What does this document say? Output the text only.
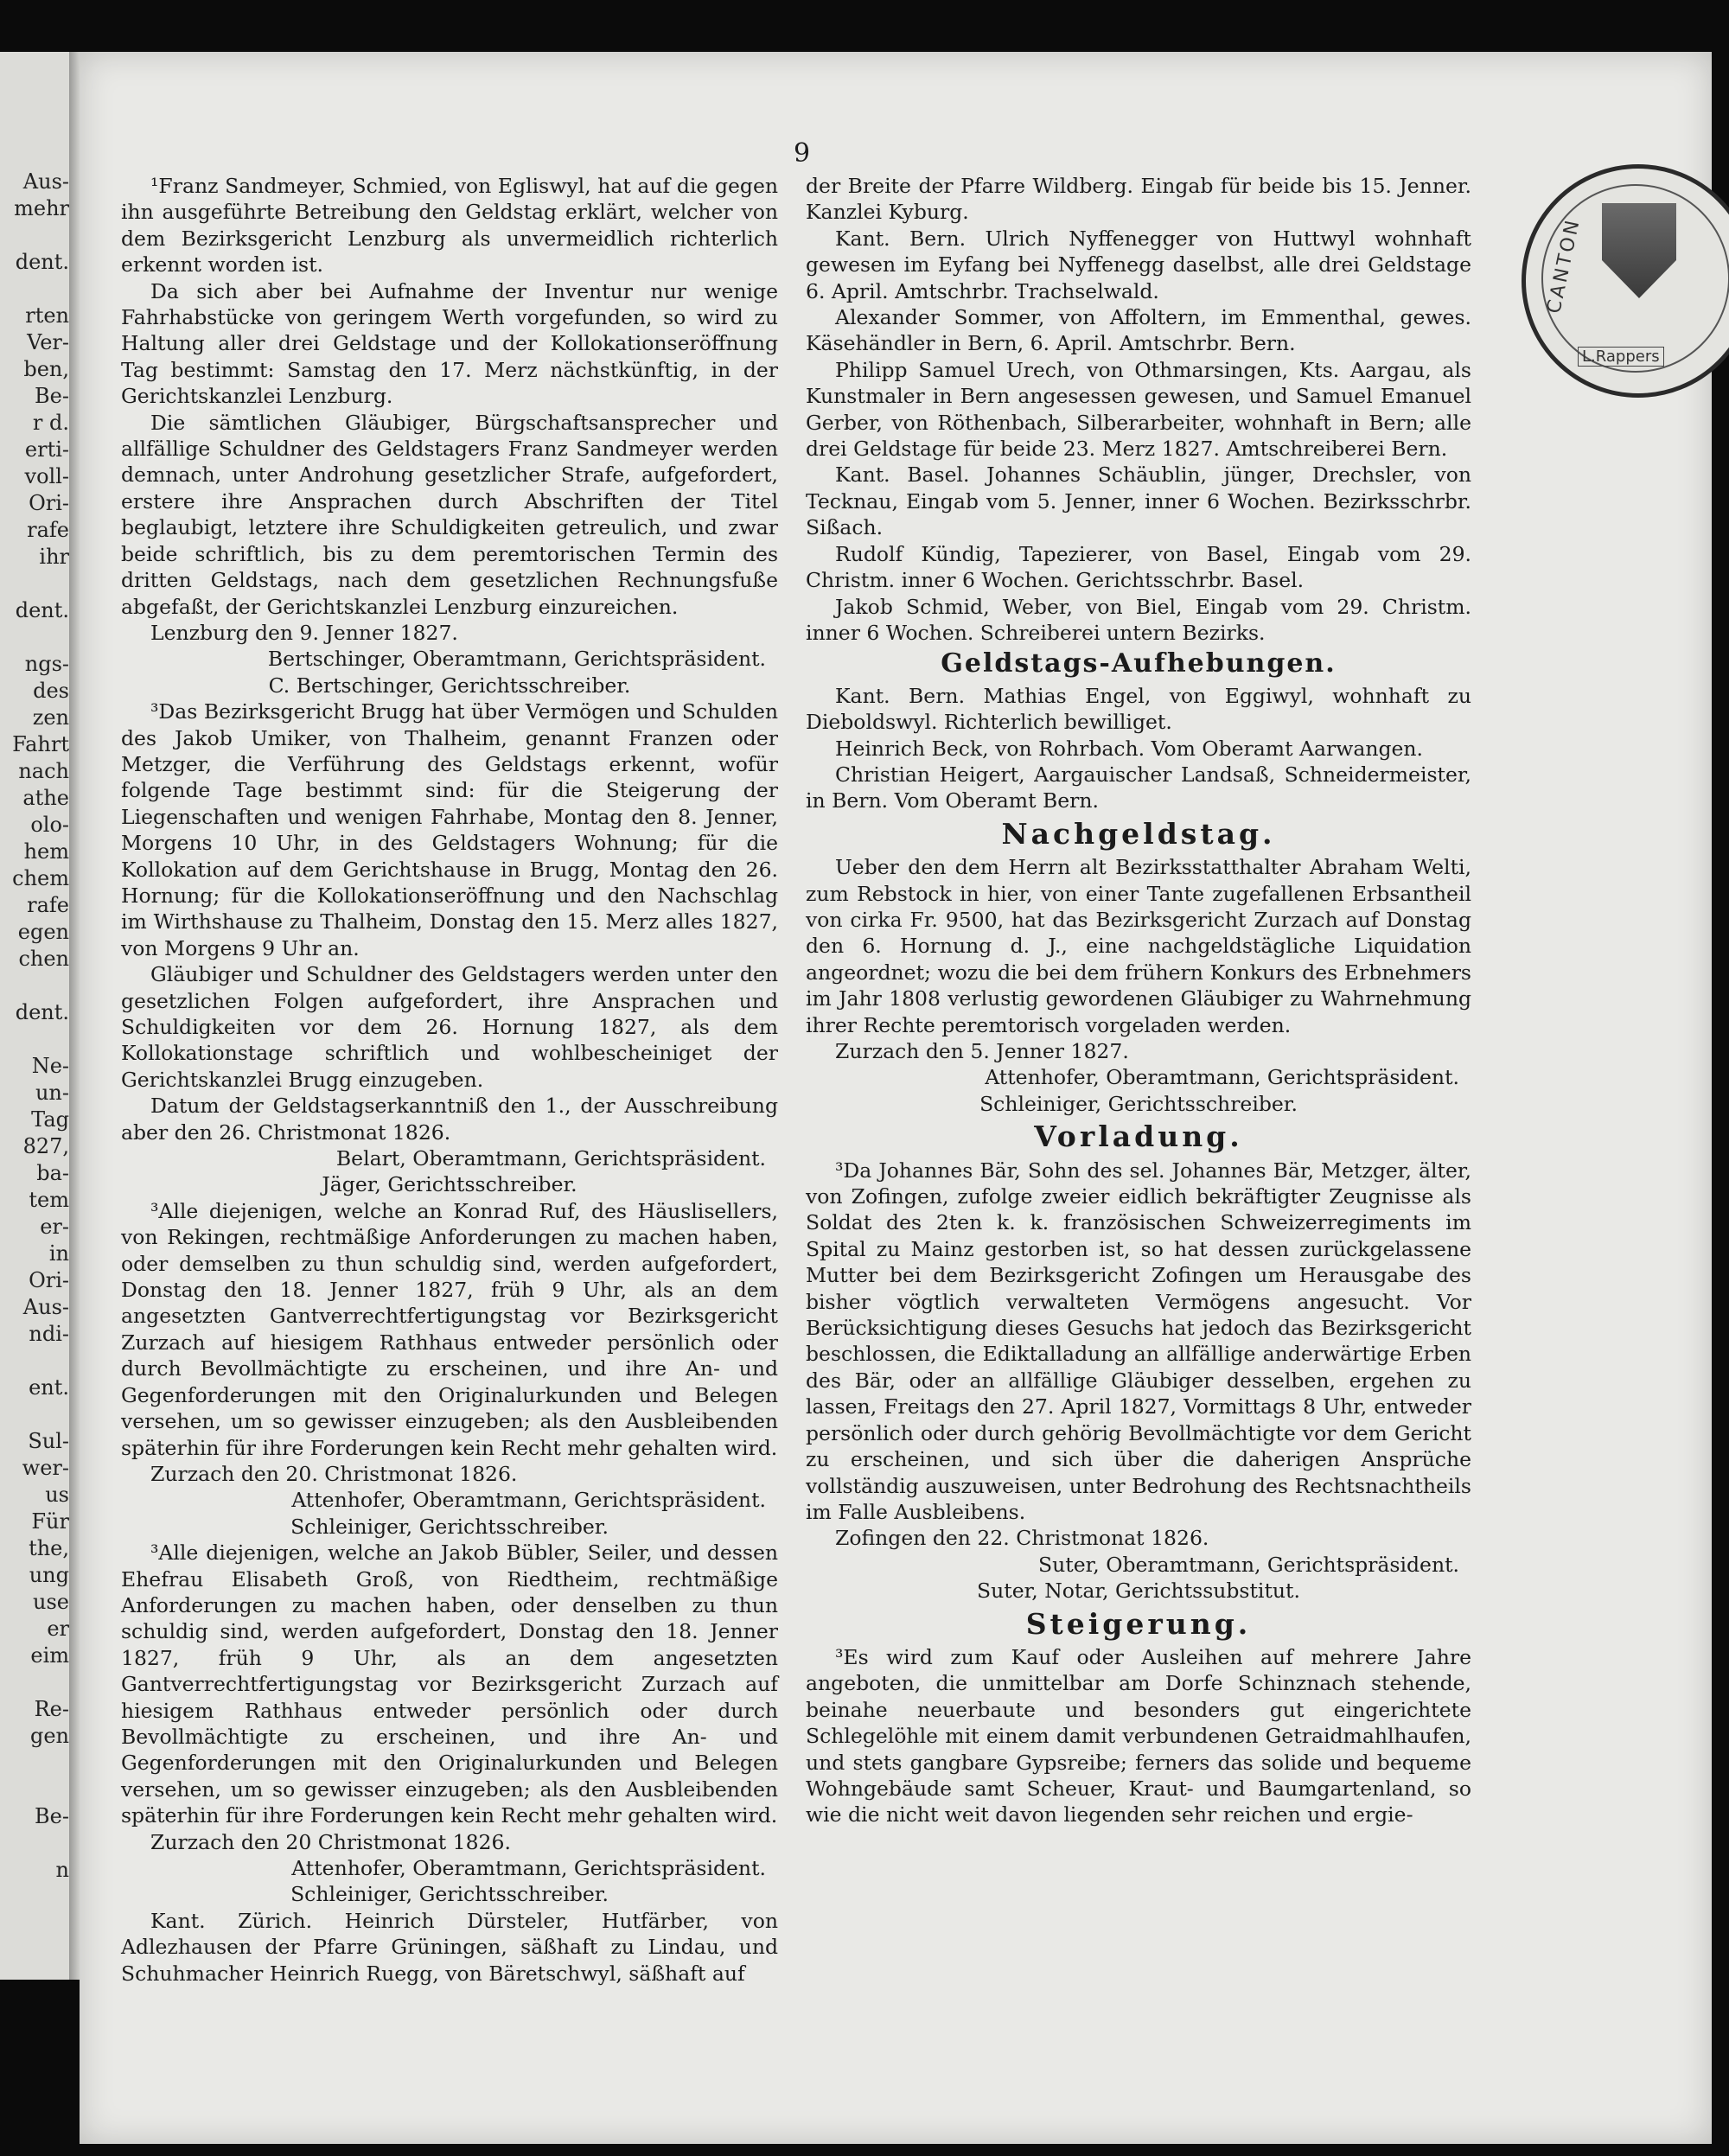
Aus-
mehr
dent.
rten
Ver-
ben,
Be-
r d.
erti-
voll-
Ori-
rafe
ihr
dent.
ngs-
des
zen
Fahrt
nach
athe
olo-
hem
chem
rafe
egen
chen
dent.
Ne-
un-
Tag
827,
ba-
tem
er-
in
Ori-
Aus-
ndi-
ent.
Sul-
wer-
us
Für
the,
ung
use
er
eim
Re-
gen
Be-
n
9
CANTON
L.Rappers

¹Franz Sandmeyer, Schmied, von Egliswyl, hat auf die gegen ihn ausgeführte Betreibung den Geldstag erklärt, welcher von dem Bezirksgericht Lenzburg als unvermeidlich richterlich erkennt worden ist.

Da sich aber bei Aufnahme der Inventur nur wenige Fahrhabstücke von geringem Werth vorgefunden, so wird zu Haltung aller drei Geldstage und der Kollokationseröffnung Tag bestimmt: Samstag den 17. Merz nächstkünftig, in der Gerichtskanzlei Lenzburg.

Die sämtlichen Gläubiger, Bürgschaftsansprecher und allfällige Schuldner des Geldstagers Franz Sandmeyer werden demnach, unter Androhung gesetzlicher Strafe, aufgefordert, erstere ihre Ansprachen durch Abschriften der Titel beglaubigt, letztere ihre Schuldigkeiten getreulich, und zwar beide schriftlich, bis zu dem peremtorischen Termin des dritten Geldstags, nach dem gesetzlichen Rechnungsfuße abgefaßt, der Gerichtskanzlei Lenzburg einzureichen.

Lenzburg den 9. Jenner 1827.

Bertschinger, Oberamtmann, Gerichtspräsident.

C. Bertschinger, Gerichtsschreiber.

³Das Bezirksgericht Brugg hat über Vermögen und Schulden des Jakob Umiker, von Thalheim, genannt Franzen oder Metzger, die Verführung des Geldstags erkennt, wofür folgende Tage bestimmt sind: für die Steigerung der Liegenschaften und wenigen Fahrhabe, Montag den 8. Jenner, Morgens 10 Uhr, in des Geldstagers Wohnung; für die Kollokation auf dem Gerichtshause in Brugg, Montag den 26. Hornung; für die Kollokationseröffnung und den Nachschlag im Wirthshause zu Thalheim, Donstag den 15. Merz alles 1827, von Morgens 9 Uhr an.

Gläubiger und Schuldner des Geldstagers werden unter den gesetzlichen Folgen aufgefordert, ihre Ansprachen und Schuldigkeiten vor dem 26. Hornung 1827, als dem Kollokationstage schriftlich und wohlbescheiniget der Gerichtskanzlei Brugg einzugeben.

Datum der Geldstagserkanntniß den 1., der Ausschreibung aber den 26. Christmonat 1826.

Belart, Oberamtmann, Gerichtspräsident.

Jäger, Gerichtsschreiber.

³Alle diejenigen, welche an Konrad Ruf, des Häuslisellers, von Rekingen, rechtmäßige Anforderungen zu machen haben, oder demselben zu thun schuldig sind, werden aufgefordert, Donstag den 18. Jenner 1827, früh 9 Uhr, als an dem angesetzten Gantverrechtfertigungstag vor Bezirksgericht Zurzach auf hiesigem Rathhaus entweder persönlich oder durch Bevollmächtigte zu erscheinen, und ihre An- und Gegenforderungen mit den Originalurkunden und Belegen versehen, um so gewisser einzugeben; als den Ausbleibenden späterhin für ihre Forderungen kein Recht mehr gehalten wird.

Zurzach den 20. Christmonat 1826.

Attenhofer, Oberamtmann, Gerichtspräsident.

Schleiniger, Gerichtsschreiber.

³Alle diejenigen, welche an Jakob Bübler, Seiler, und dessen Ehefrau Elisabeth Groß, von Riedtheim, rechtmäßige Anforderungen zu machen haben, oder denselben zu thun schuldig sind, werden aufgefordert, Donstag den 18. Jenner 1827, früh 9 Uhr, als an dem angesetzten Gantverrechtfertigungstag vor Bezirksgericht Zurzach auf hiesigem Rathhaus entweder persönlich oder durch Bevollmächtigte zu erscheinen, und ihre An- und Gegenforderungen mit den Originalurkunden und Belegen versehen, um so gewisser einzugeben; als den Ausbleibenden späterhin für ihre Forderungen kein Recht mehr gehalten wird.

Zurzach den 20 Christmonat 1826.

Attenhofer, Oberamtmann, Gerichtspräsident.

Schleiniger, Gerichtsschreiber.

Kant. Zürich. Heinrich Dürsteler, Hutfärber, von Adlezhausen der Pfarre Grüningen, säßhaft zu Lindau, und Schuhmacher Heinrich Ruegg, von Bäretschwyl, säßhaft auf

der Breite der Pfarre Wildberg. Eingab für beide bis 15. Jenner. Kanzlei Kyburg.

Kant. Bern. Ulrich Nyffenegger von Huttwyl wohnhaft gewesen im Eyfang bei Nyffenegg daselbst, alle drei Geldstage 6. April. Amtschrbr. Trachselwald.

Alexander Sommer, von Affoltern, im Emmenthal, gewes. Käsehändler in Bern, 6. April. Amtschrbr. Bern.

Philipp Samuel Urech, von Othmarsingen, Kts. Aargau, als Kunstmaler in Bern angesessen gewesen, und Samuel Emanuel Gerber, von Röthenbach, Silberarbeiter, wohnhaft in Bern; alle drei Geldstage für beide 23. Merz 1827. Amtschreiberei Bern.

Kant. Basel. Johannes Schäublin, jünger, Drechsler, von Tecknau, Eingab vom 5. Jenner, inner 6 Wochen. Bezirksschrbr. Sißach.

Rudolf Kündig, Tapezierer, von Basel, Eingab vom 29. Christm. inner 6 Wochen. Gerichtsschrbr. Basel.

Jakob Schmid, Weber, von Biel, Eingab vom 29. Christm. inner 6 Wochen. Schreiberei untern Bezirks.

Geldstags-Aufhebungen.

Kant. Bern. Mathias Engel, von Eggiwyl, wohnhaft zu Dieboldswyl. Richterlich bewilliget.

Heinrich Beck, von Rohrbach. Vom Oberamt Aarwangen.

Christian Heigert, Aargauischer Landsaß, Schneidermeister, in Bern. Vom Oberamt Bern.

Nachgeldstag.

Ueber den dem Herrn alt Bezirksstatthalter Abraham Welti, zum Rebstock in hier, von einer Tante zugefallenen Erbsantheil von cirka Fr. 9500, hat das Bezirksgericht Zurzach auf Donstag den 6. Hornung d. J., eine nachgeldstägliche Liquidation angeordnet; wozu die bei dem frühern Konkurs des Erbnehmers im Jahr 1808 verlustig gewordenen Gläubiger zu Wahrnehmung ihrer Rechte peremtorisch vorgeladen werden.

Zurzach den 5. Jenner 1827.

Attenhofer, Oberamtmann, Gerichtspräsident.

Schleiniger, Gerichtsschreiber.

Vorladung.

³Da Johannes Bär, Sohn des sel. Johannes Bär, Metzger, älter, von Zofingen, zufolge zweier eidlich bekräftigter Zeugnisse als Soldat des 2ten k. k. französischen Schweizerregiments im Spital zu Mainz gestorben ist, so hat dessen zurückgelassene Mutter bei dem Bezirksgericht Zofingen um Herausgabe des bisher vögtlich verwalteten Vermögens angesucht. Vor Berücksichtigung dieses Gesuchs hat jedoch das Bezirksgericht beschlossen, die Ediktalladung an allfällige anderwärtige Erben des Bär, oder an allfällige Gläubiger desselben, ergehen zu lassen, Freitags den 27. April 1827, Vormittags 8 Uhr, entweder persönlich oder durch gehörig Bevollmächtigte vor dem Gericht zu erscheinen, und sich über die daherigen Ansprüche vollständig auszuweisen, unter Bedrohung des Rechtsnachtheils im Falle Ausbleibens.

Zofingen den 22. Christmonat 1826.

Suter, Oberamtmann, Gerichtspräsident.

Suter, Notar, Gerichtssubstitut.

Steigerung.

³Es wird zum Kauf oder Ausleihen auf mehrere Jahre angeboten, die unmittelbar am Dorfe Schinznach stehende, beinahe neuerbaute und besonders gut eingerichtete Schlegelöhle mit einem damit verbundenen Getraidmahlhaufen, und stets gangbare Gypsreibe; ferners das solide und bequeme Wohngebäude samt Scheuer, Kraut- und Baumgartenland, so wie die nicht weit davon liegenden sehr reichen und ergie-
